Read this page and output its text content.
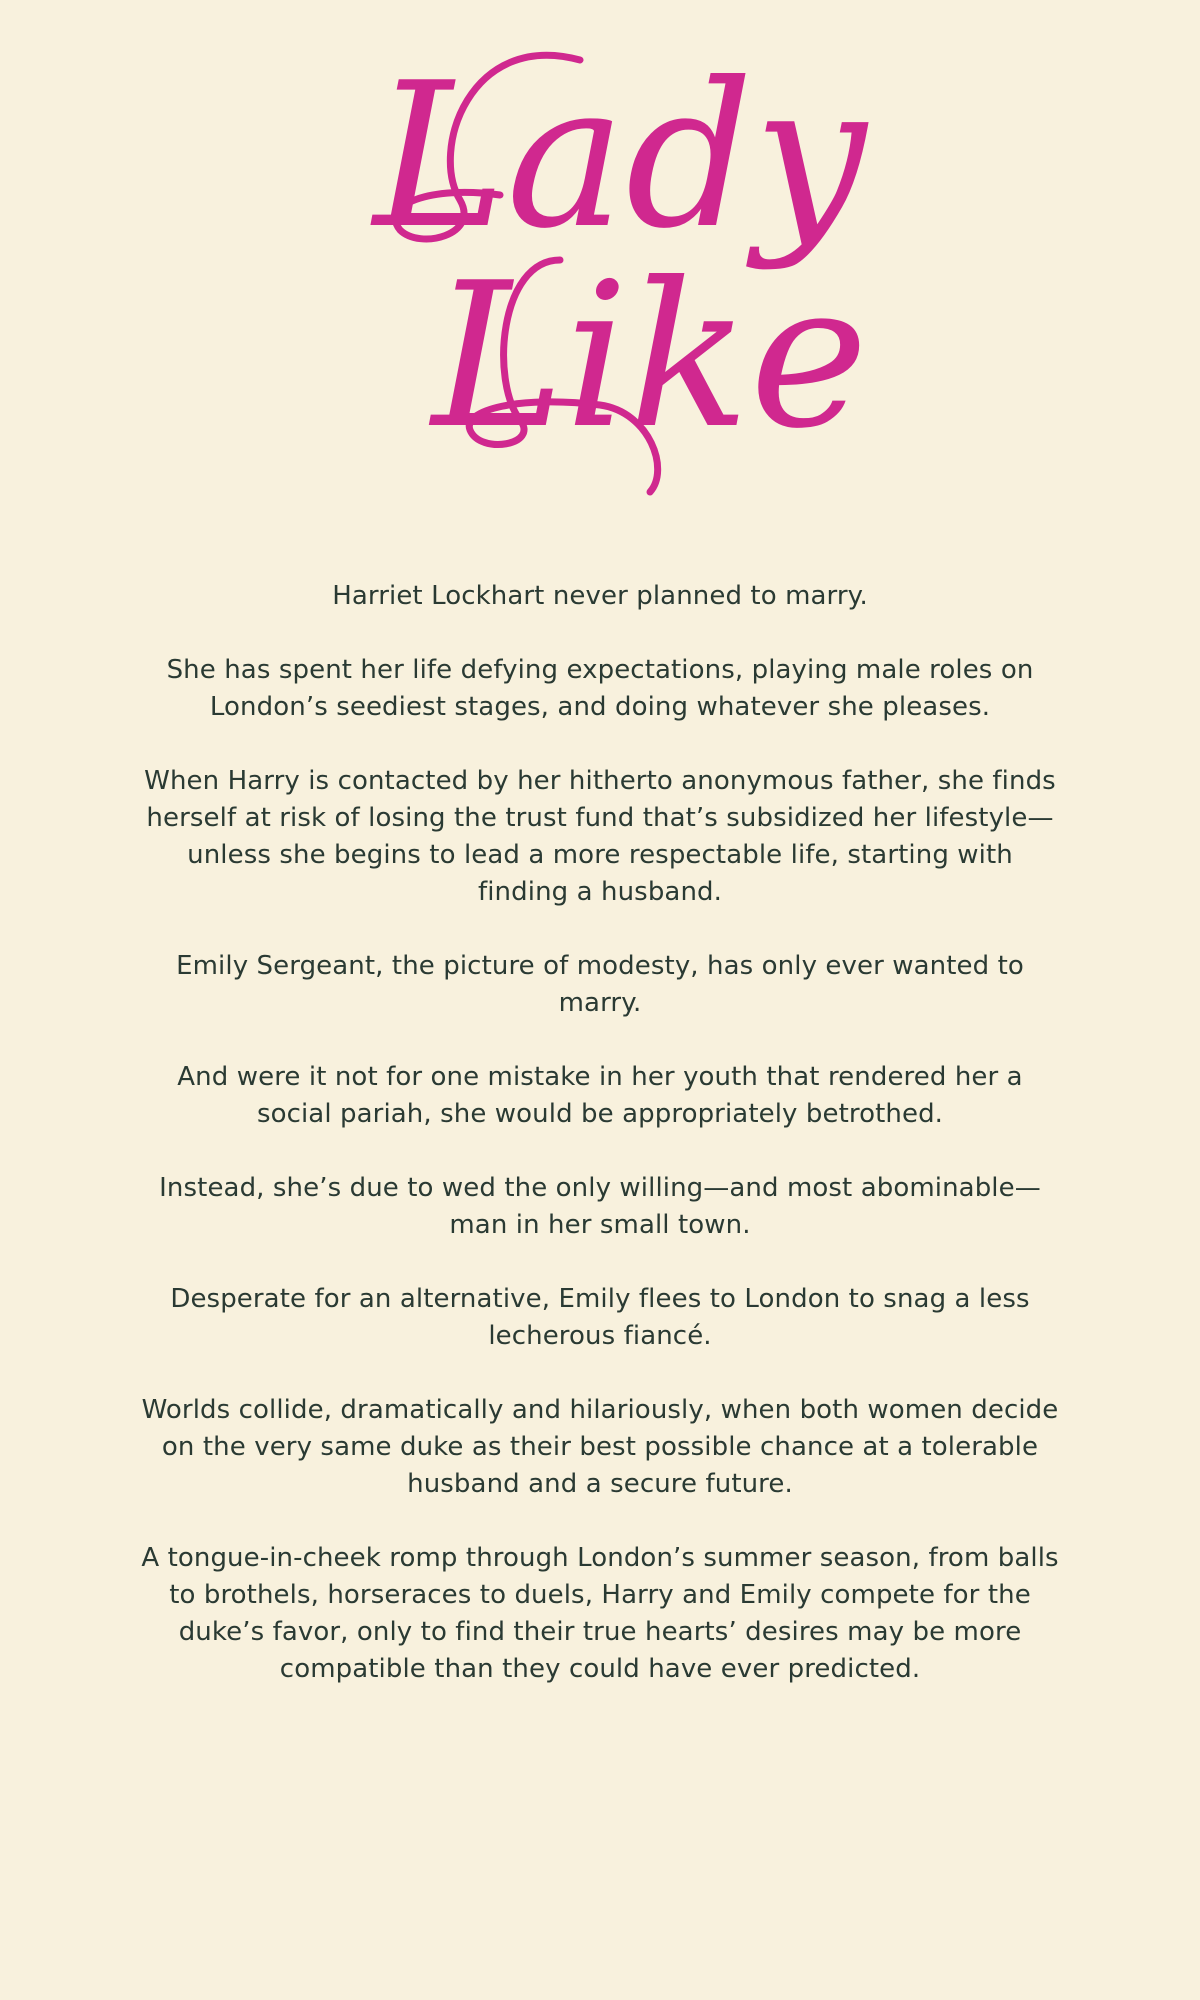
Lady
Like

Harriet Lockhart never planned to marry.

She has spent her life defying expectations, playing male roles on London’s seediest stages, and doing whatever she pleases.

When Harry is contacted by her hitherto anonymous father, she finds herself at risk of losing the trust fund that’s subsidized her lifestyle—unless she begins to lead a more respectable life, starting with finding a husband.

Emily Sergeant, the picture of modesty, has only ever wanted to marry.

And were it not for one mistake in her youth that rendered her a social pariah, she would be appropriately betrothed.

Instead, she’s due to wed the only willing—and most abominable—man in her small town.

Desperate for an alternative, Emily flees to London to snag a less lecherous fiancé.

Worlds collide, dramatically and hilariously, when both women decide on the very same duke as their best possible chance at a tolerable husband and a secure future.

A tongue-in-cheek romp through London’s summer season, from balls to brothels, horseraces to duels, Harry and Emily compete for the duke’s favor, only to find their true hearts’ desires may be more compatible than they could have ever predicted.
